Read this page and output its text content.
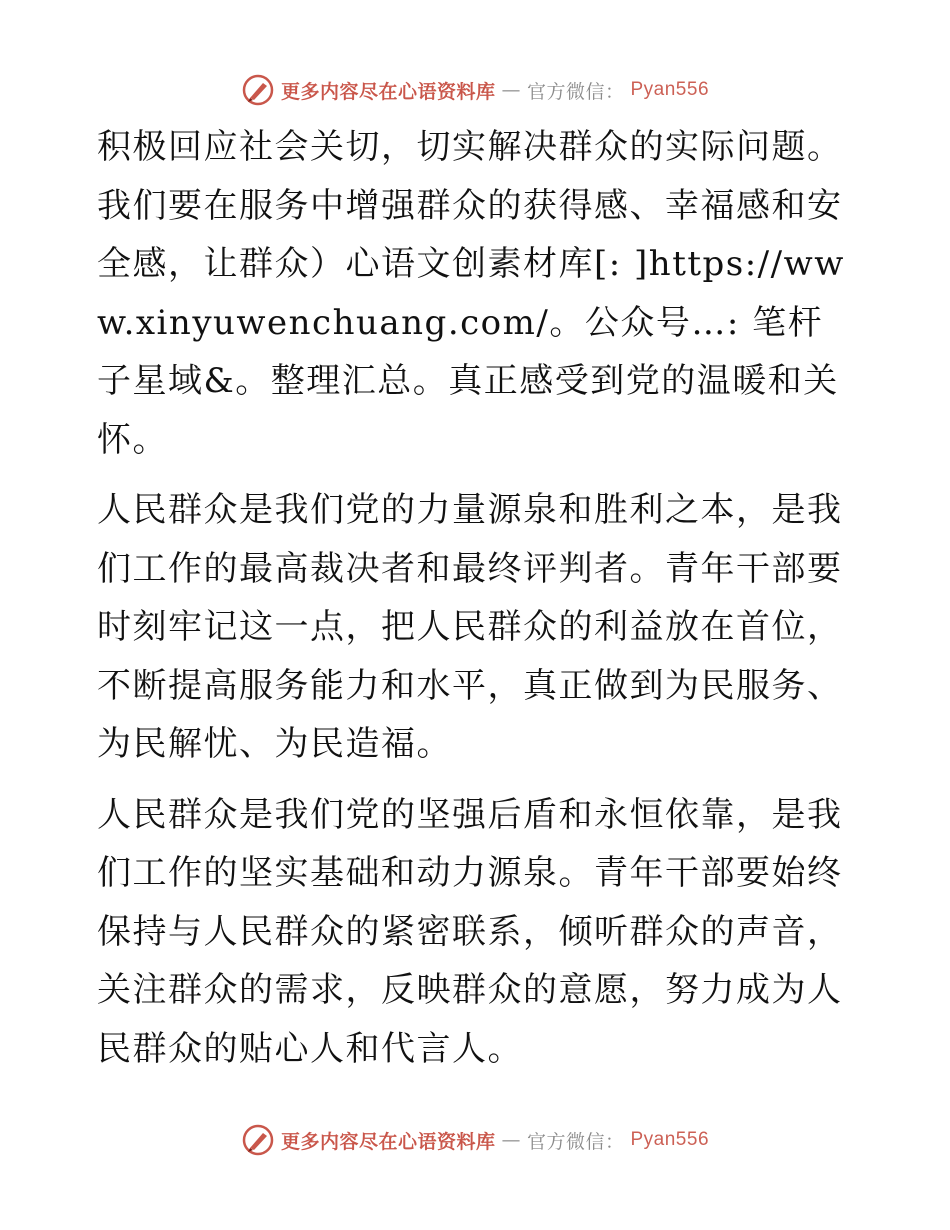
更多内容尽在心语资料库 — 官方微信： Pyan556

积极回应社会关切，切实解决群众的实际问题。我们要在服务中增强群众的获得感、幸福感和安全感，让群众）心语文创素材库[: ]https://www.xinyuwenchuang.com/。公众号…: 笔杆子星域&。整理汇总。真正感受到党的温暖和关怀。

人民群众是我们党的力量源泉和胜利之本，是我们工作的最高裁决者和最终评判者。青年干部要时刻牢记这一点，把人民群众的利益放在首位，不断提高服务能力和水平，真正做到为民服务、为民解忧、为民造福。

人民群众是我们党的坚强后盾和永恒依靠，是我们工作的坚实基础和动力源泉。青年干部要始终保持与人民群众的紧密联系，倾听群众的声音，关注群众的需求，反映群众的意愿，努力成为人民群众的贴心人和代言人。

更多内容尽在心语资料库 — 官方微信： Pyan556
